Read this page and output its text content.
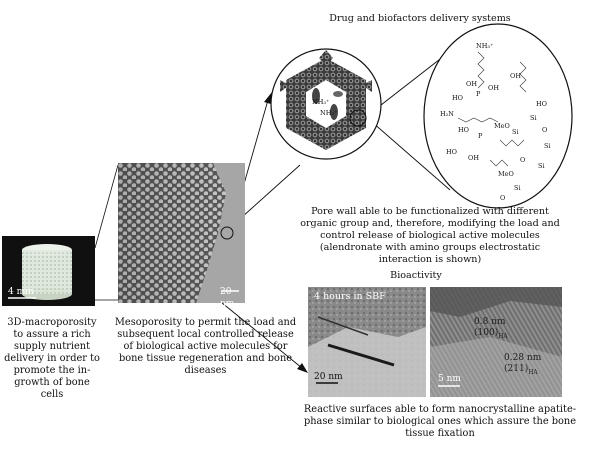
Drug and biofactors delivery systems
4 mm	20 nm
NH₃⁺
NH₃⁺
NH₃⁺
OH OH
P
HO
OH
HO
Si
O
Si
H₂N
HO
P
MeO
Si
HO
OH	O
Si
MeO
Si
O
Pore wall able to be functionalized with different organic group and, therefore, modifying the load and control release of biological active molecules (alendronate with amino groups electrostatic interaction is shown)
Bioactivity
4 hours in SBF
20 nm
0.8 nm
$(100)_{HA}$
0.28 nm
$(211)_{HA}$
5 nm
3D-macroporosity to assure a rich supply nutrient delivery in order to promote the in-growth of bone cells
Mesoporosity to permit the load and subsequent local controlled release of biological active molecules for bone tissue regeneration and bone diseases
Reactive surfaces able to form nanocrystalline apatite-phase similar to biological ones which assure the bone tissue fixation
